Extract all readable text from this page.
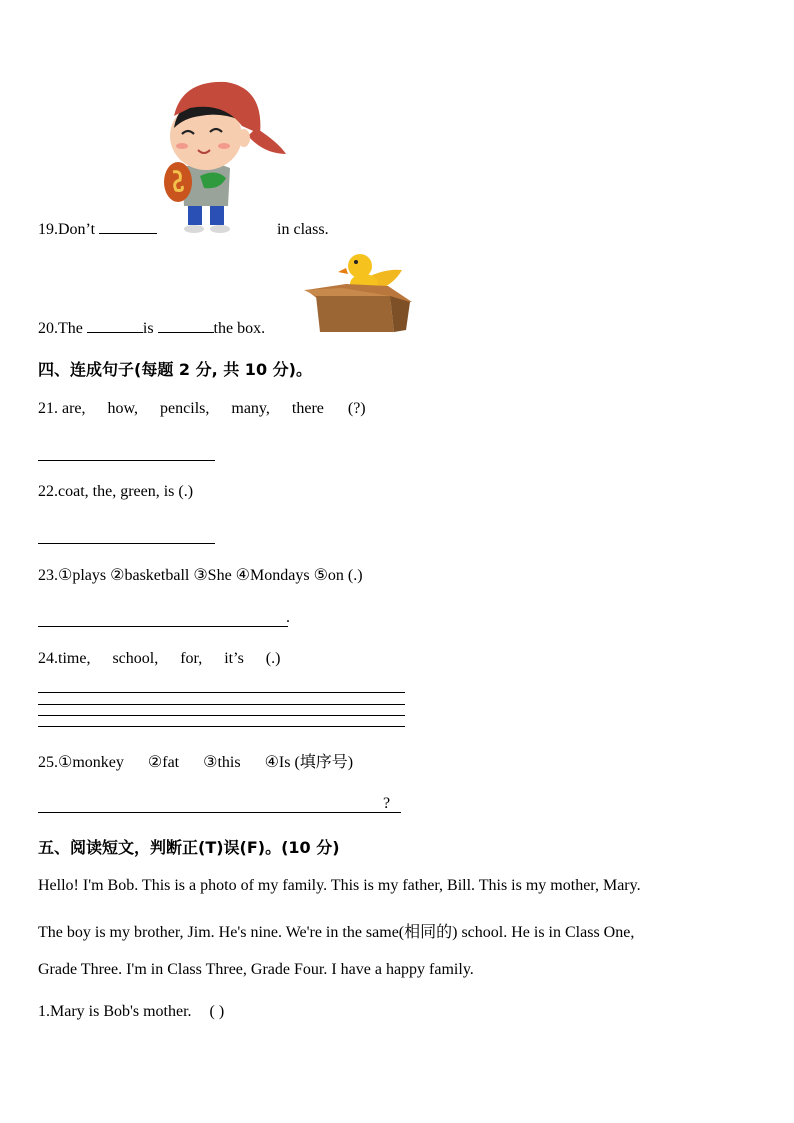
19.Don’t	in class.
20.The	is	the box.
四、连成句子(每题 2 分, 共 10 分)。
21. are, how, pencils, many, there (?)
22.coat, the, green, is (.)
23.①plays ②basketball ③She ④Mondays ⑤on (.)
.
24.time, school, for, it’s (.)
25.①monkey ②fat ③this ④Is (填序号)
?
五、阅读短文，判断正(T)误(F)。(10 分)
Hello! I'm Bob. This is a photo of my family. This is my father, Bill. This is my mother, Mary.
The boy is my brother, Jim. He's nine. We're in the same(相同的) school. He is in Class One,
Grade Three. I'm in Class Three, Grade Four. I have a happy family.
1.Mary is Bob's mother. ( )
